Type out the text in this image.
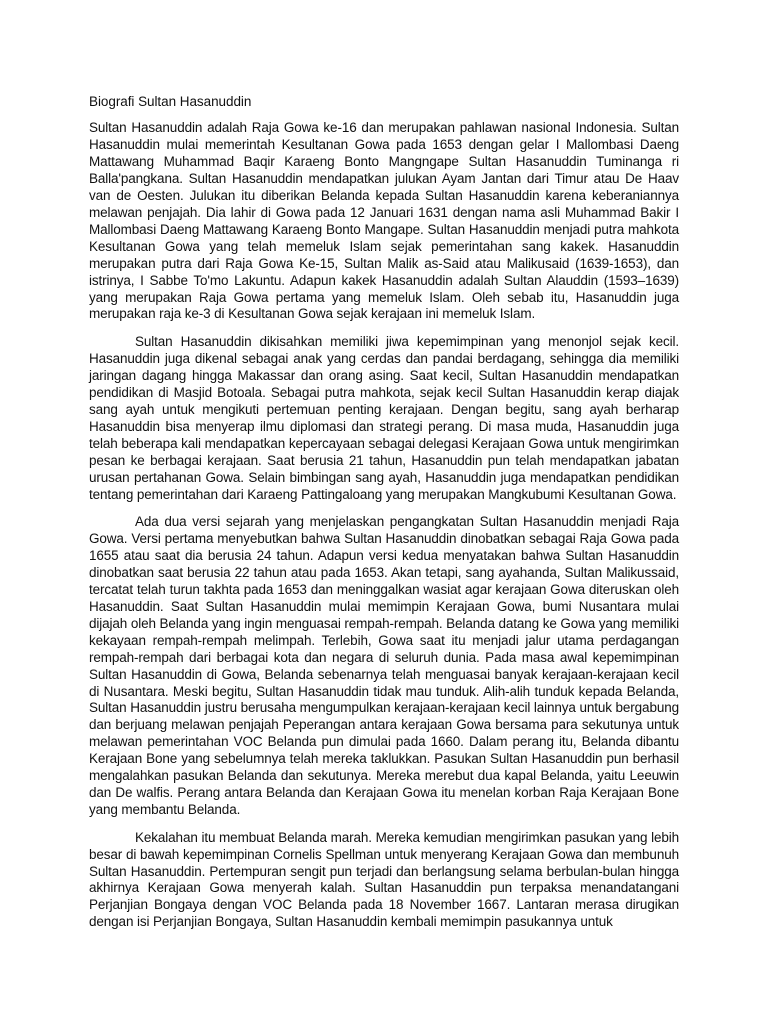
Biografi Sultan Hasanuddin

Sultan Hasanuddin adalah Raja Gowa ke-16 dan merupakan pahlawan nasional Indonesia. Sultan Hasanuddin mulai memerintah Kesultanan Gowa pada 1653 dengan gelar I Mallombasi Daeng Mattawang Muhammad Baqir Karaeng Bonto Mangngape Sultan Hasanuddin Tuminanga ri Balla'pangkana. Sultan Hasanuddin mendapatkan julukan Ayam Jantan dari Timur atau De Haav van de Oesten. Julukan itu diberikan Belanda kepada Sultan Hasanuddin karena keberaniannya melawan penjajah. Dia lahir di Gowa pada 12 Januari 1631 dengan nama asli Muhammad Bakir I Mallombasi Daeng Mattawang Karaeng Bonto Mangape. Sultan Hasanuddin menjadi putra mahkota Kesultanan Gowa yang telah memeluk Islam sejak pemerintahan sang kakek. Hasanuddin merupakan putra dari Raja Gowa Ke-15, Sultan Malik as-Said atau Malikusaid (1639-1653), dan istrinya, I Sabbe To'mo Lakuntu. Adapun kakek Hasanuddin adalah Sultan Alauddin (1593–1639) yang merupakan Raja Gowa pertama yang memeluk Islam. Oleh sebab itu, Hasanuddin juga merupakan raja ke-3 di Kesultanan Gowa sejak kerajaan ini memeluk Islam.

Sultan Hasanuddin dikisahkan memiliki jiwa kepemimpinan yang menonjol sejak kecil. Hasanuddin juga dikenal sebagai anak yang cerdas dan pandai berdagang, sehingga dia memiliki jaringan dagang hingga Makassar dan orang asing. Saat kecil, Sultan Hasanuddin mendapatkan pendidikan di Masjid Botoala. Sebagai putra mahkota, sejak kecil Sultan Hasanuddin kerap diajak sang ayah untuk mengikuti pertemuan penting kerajaan. Dengan begitu, sang ayah berharap Hasanuddin bisa menyerap ilmu diplomasi dan strategi perang. Di masa muda, Hasanuddin juga telah beberapa kali mendapatkan kepercayaan sebagai delegasi Kerajaan Gowa untuk mengirimkan pesan ke berbagai kerajaan. Saat berusia 21 tahun, Hasanuddin pun telah mendapatkan jabatan urusan pertahanan Gowa. Selain bimbingan sang ayah, Hasanuddin juga mendapatkan pendidikan tentang pemerintahan dari Karaeng Pattingaloang yang merupakan Mangkubumi Kesultanan Gowa.

Ada dua versi sejarah yang menjelaskan pengangkatan Sultan Hasanuddin menjadi Raja Gowa. Versi pertama menyebutkan bahwa Sultan Hasanuddin dinobatkan sebagai Raja Gowa pada 1655 atau saat dia berusia 24 tahun. Adapun versi kedua menyatakan bahwa Sultan Hasanuddin dinobatkan saat berusia 22 tahun atau pada 1653. Akan tetapi, sang ayahanda, Sultan Malikussaid, tercatat telah turun takhta pada 1653 dan meninggalkan wasiat agar kerajaan Gowa diteruskan oleh Hasanuddin. Saat Sultan Hasanuddin mulai memimpin Kerajaan Gowa, bumi Nusantara mulai dijajah oleh Belanda yang ingin menguasai rempah-rempah. Belanda datang ke Gowa yang memiliki kekayaan rempah-rempah melimpah. Terlebih, Gowa saat itu menjadi jalur utama perdagangan rempah-rempah dari berbagai kota dan negara di seluruh dunia. Pada masa awal kepemimpinan Sultan Hasanuddin di Gowa, Belanda sebenarnya telah menguasai banyak kerajaan-kerajaan kecil di Nusantara. Meski begitu, Sultan Hasanuddin tidak mau tunduk. Alih-alih tunduk kepada Belanda, Sultan Hasanuddin justru berusaha mengumpulkan kerajaan-kerajaan kecil lainnya untuk bergabung dan berjuang melawan penjajah Peperangan antara kerajaan Gowa bersama para sekutunya untuk melawan pemerintahan VOC Belanda pun dimulai pada 1660. Dalam perang itu, Belanda dibantu Kerajaan Bone yang sebelumnya telah mereka taklukkan. Pasukan Sultan Hasanuddin pun berhasil mengalahkan pasukan Belanda dan sekutunya. Mereka merebut dua kapal Belanda, yaitu Leeuwin dan De walfis. Perang antara Belanda dan Kerajaan Gowa itu menelan korban Raja Kerajaan Bone yang membantu Belanda.

Kekalahan itu membuat Belanda marah. Mereka kemudian mengirimkan pasukan yang lebih besar di bawah kepemimpinan Cornelis Spellman untuk menyerang Kerajaan Gowa dan membunuh Sultan Hasanuddin. Pertempuran sengit pun terjadi dan berlangsung selama berbulan-bulan hingga akhirnya Kerajaan Gowa menyerah kalah. Sultan Hasanuddin pun terpaksa menandatangani Perjanjian Bongaya dengan VOC Belanda pada 18 November 1667. Lantaran merasa dirugikan dengan isi Perjanjian Bongaya, Sultan Hasanuddin kembali memimpin pasukannya untuk
